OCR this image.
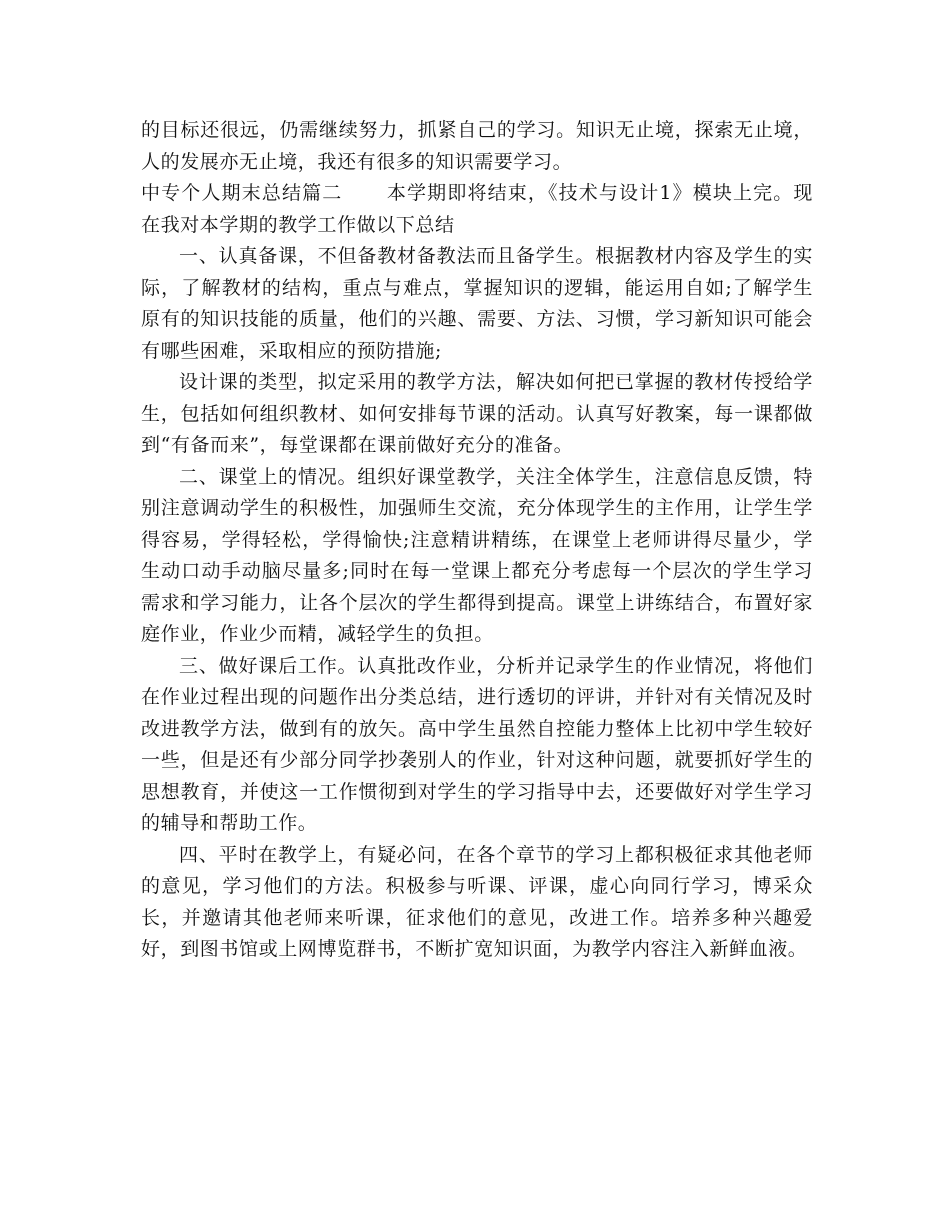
的目标还很远，仍需继续努力，抓紧自己的学习。知识无止境，探索无止境，人的发展亦无止境，我还有很多的知识需要学习。

中专个人期末总结篇二 本学期即将结束，《技术与设计1》模块上完。现在我对本学期的教学工作做以下总结

一、认真备课，不但备教材备教法而且备学生。根据教材内容及学生的实际，了解教材的结构，重点与难点，掌握知识的逻辑，能运用自如;了解学生原有的知识技能的质量，他们的兴趣、需要、方法、习惯，学习新知识可能会有哪些困难，采取相应的预防措施;

设计课的类型，拟定采用的教学方法，解决如何把已掌握的教材传授给学生，包括如何组织教材、如何安排每节课的活动。认真写好教案，每一课都做到“有备而来”，每堂课都在课前做好充分的准备。

二、课堂上的情况。组织好课堂教学，关注全体学生，注意信息反馈，特别注意调动学生的积极性，加强师生交流，充分体现学生的主作用，让学生学得容易，学得轻松，学得愉快;注意精讲精练，在课堂上老师讲得尽量少，学生动口动手动脑尽量多;同时在每一堂课上都充分考虑每一个层次的学生学习需求和学习能力，让各个层次的学生都得到提高。课堂上讲练结合，布置好家庭作业，作业少而精，减轻学生的负担。

三、做好课后工作。认真批改作业，分析并记录学生的作业情况，将他们在作业过程出现的问题作出分类总结，进行透切的评讲，并针对有关情况及时改进教学方法，做到有的放矢。高中学生虽然自控能力整体上比初中学生较好一些，但是还有少部分同学抄袭别人的作业，针对这种问题，就要抓好学生的思想教育，并使这一工作惯彻到对学生的学习指导中去，还要做好对学生学习的辅导和帮助工作。

四、平时在教学上，有疑必问，在各个章节的学习上都积极征求其他老师的意见，学习他们的方法。积极参与听课、评课，虚心向同行学习，博采众长，并邀请其他老师来听课，征求他们的意见，改进工作。培养多种兴趣爱好，到图书馆或上网博览群书，不断扩宽知识面，为教学内容注入新鲜血液。
